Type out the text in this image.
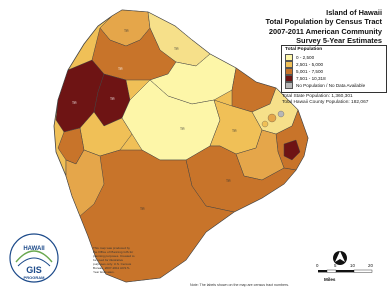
TR
TR
TR
TR
TR
TR	TR
TR
TR
HAWAII
GIS
PROGRAM
Island of Hawaii
Total Population by Census Tract
2007-2011 American Community
Survey 5-Year Estimates
Total Population
0 - 2,500
2,501 - 5,000
5,001 - 7,500
7,501 - 10,318
No Population / No Data Available
Total State Population: 1,360,301
Total Hawaii County Population: 182,067
This map was produced by the Office of Planning GIS for planning purposes. Created to be used for illustrative purposes only. U.S. Census Bureau, 2007-2011 ACS 5-Year Estimates.
Note: The labels shown on the map are census tract numbers.
0	5	10	20
Miles
